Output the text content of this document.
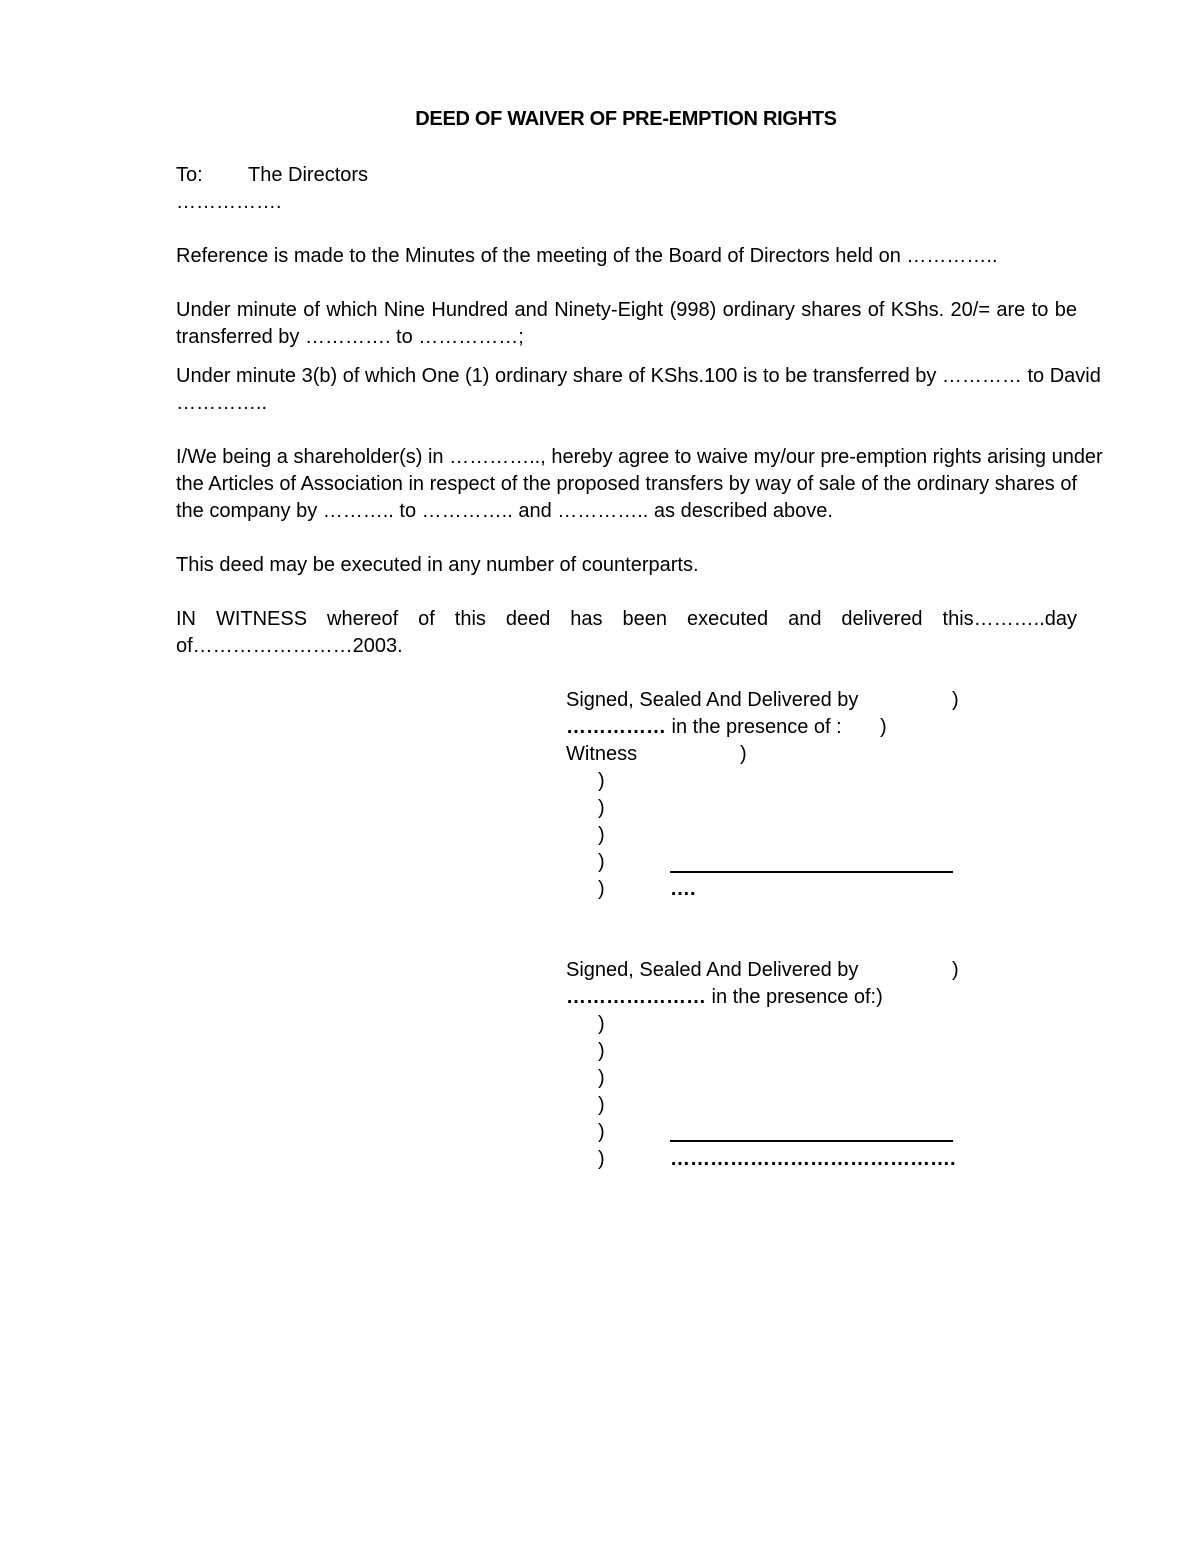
DEED OF WAIVER OF PRE-EMPTION RIGHTS
To: The Directors
…………….
Reference is made to the Minutes of the meeting of the Board of Directors held on …………..
Under minute of which Nine Hundred and Ninety-Eight (998) ordinary shares of KShs. 20/= are to be
transferred by …………. to ……………;
Under minute 3(b) of which One (1) ordinary share of KShs.100 is to be transferred by ………… to David
…………..
I/We being a shareholder(s) in ………….., hereby agree to waive my/our pre-emption rights arising under
the Articles of Association in respect of the proposed transfers by way of sale of the ordinary shares of
the company by ……….. to ………….. and ………….. as described above.
This deed may be executed in any number of counterparts.
IN WITNESS whereof of this deed has been executed and delivered this………..day
of……………………2003.
Signed, Sealed And Delivered by	)
…………… in the presence of : )
Witness	)
)
)
)
)
)	….
Signed, Sealed And Delivered by	)
………………… in the presence of:)
)
)
)
)
)
)	…………………………………….
